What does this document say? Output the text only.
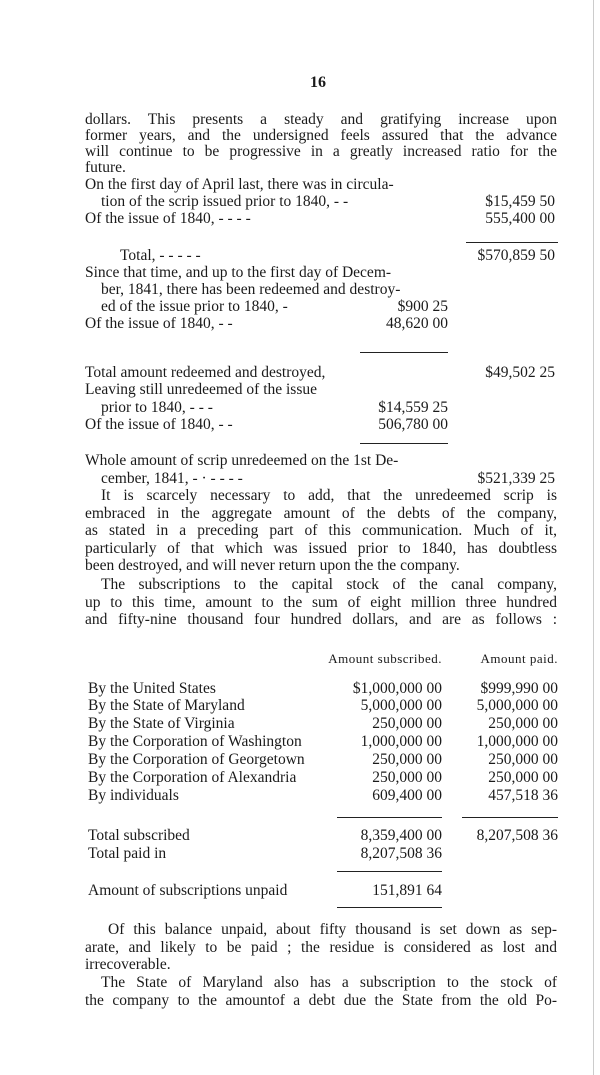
16
dollars. This presents a steady and gratifying increase upon
former years, and the undersigned feels assured that the advance
will continue to be progressive in a greatly increased ratio for the
future.
On the first day of April last, there was in circula-
tion of the scrip issued prior to 1840, - -	$15,459 50
Of the issue of 1840, - - - -	555,400 00
Total, - - - - -	$570,859 50
Since that time, and up to the first day of Decem-
ber, 1841, there has been redeemed and destroy-
ed of the issue prior to 1840, -	$900 25
Of the issue of 1840, - -	48,620 00
Total amount redeemed and destroyed,	$49,502 25
Leaving still unredeemed of the issue
prior to 1840, - - -	$14,559 25
Of the issue of 1840, - -	506,780 00
Whole amount of scrip unredeemed on the 1st De-
cember, 1841, - · - - - -	$521,339 25
It is scarcely necessary to add, that the unredeemed scrip is
embraced in the aggregate amount of the debts of the company,
as stated in a preceding part of this communication. Much of it,
particularly of that which was issued prior to 1840, has doubtless
been destroyed, and will never return upon the the company.
The subscriptions to the capital stock of the canal company,
up to this time, amount to the sum of eight million three hundred
and fifty-nine thousand four hundred dollars, and are as follows :
Amount subscribed.	Amount paid.
By the United States	$1,000,000 00 $999,990 00
By the State of Maryland	5,000,000 00 5,000,000 00
By the State of Virginia	250,000 00	250,000 00
By the Corporation of Washington	1,000,000 00 1,000,000 00
By the Corporation of Georgetown	250,000 00	250,000 00
By the Corporation of Alexandria	250,000 00	250,000 00
By individuals	609,400 00	457,518 36
Total subscribed	8,359,400 00 8,207,508 36
Total paid in	8,207,508 36
Amount of subscriptions unpaid	151,891 64
Of this balance unpaid, about fifty thousand is set down as sep-
arate, and likely to be paid ; the residue is considered as lost and
irrecoverable.
The State of Maryland also has a subscription to the stock of
the company to the amountof a debt due the State from the old Po-
